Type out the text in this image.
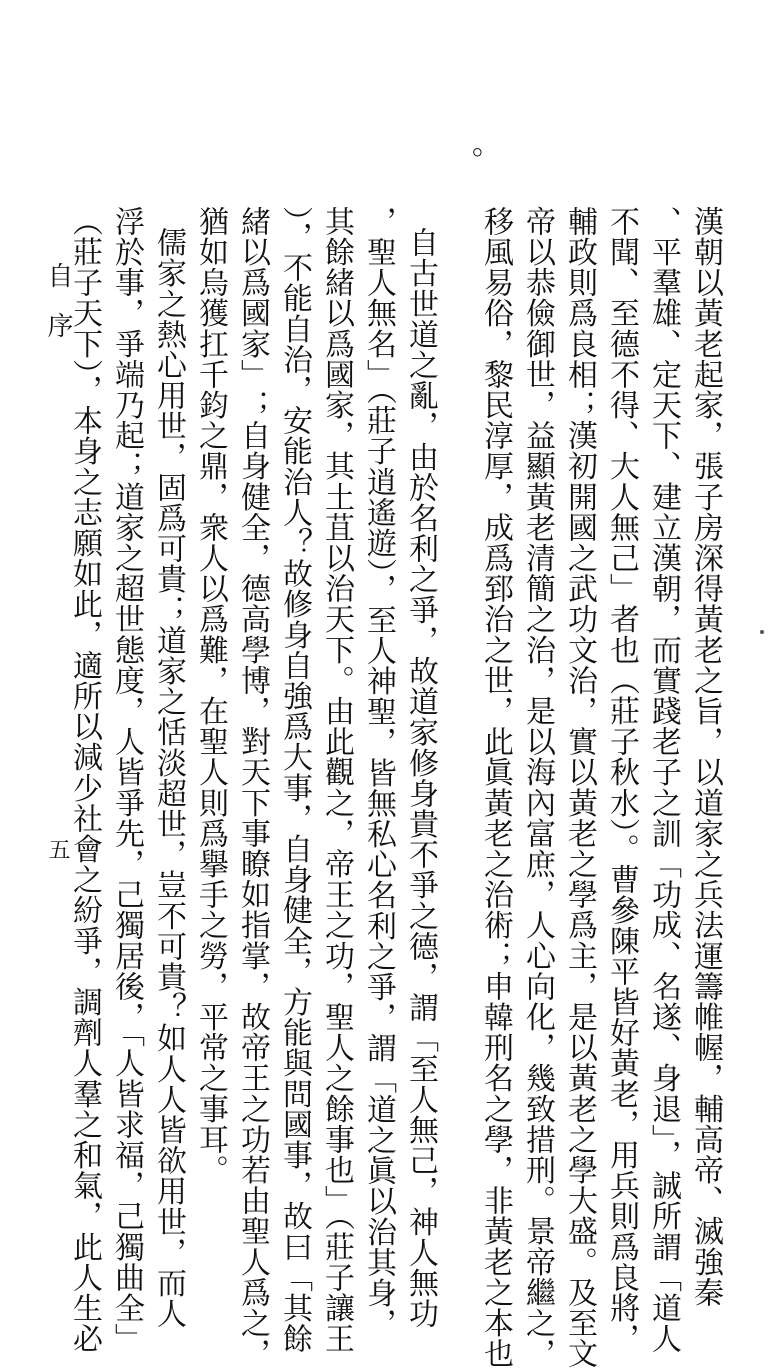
漢朝以黃老起家，張子房深得黃老之旨，以道家之兵法運籌帷幄，輔高帝、滅強秦
、平羣雄、定天下、建立漢朝，而實踐老子之訓「功成、名遂、身退」，誠所謂「道人
不聞、至德不得、大人無己」者也（莊子秋水）。曹參陳平皆好黃老，用兵則爲良將，
輔政則爲良相；漢初開國之武功文治，實以黃老之學爲主，是以黃老之學大盛。及至文
帝以恭儉御世，益顯黃老清簡之治，是以海內富庶，人心向化，幾致措刑。景帝繼之，
移風易俗，黎民淳厚，成爲郅治之世，此眞黃老之治術；申韓刑名之學，非黃老之本也
。
　　自古世道之亂，由於名利之爭，故道家修身貴不爭之德，謂「至人無己，神人無功
，聖人無名」（莊子逍遙遊），至人神聖，皆無私心名利之爭，謂「道之眞以治其身，
其餘緒以爲國家，其土苴以治天下。由此觀之，帝王之功，聖人之餘事也」（莊子讓王
），不能自治，安能治人？故修身自強爲大事，自身健全，方能與問國事，故曰「其餘
緒以爲國家」；自身健全，德高學博，對天下事瞭如指掌，故帝王之功若由聖人爲之，
猶如烏獲扛千鈞之鼎，衆人以爲難，在聖人則爲擧手之勞，平常之事耳。
　　儒家之熱心用世，固爲可貴；道家之恬淡超世，豈不可貴？如人人皆欲用世，而人
浮於事，爭端乃起；道家之超世態度，人皆爭先，己獨居後，「人皆求福，己獨曲全」
（莊子天下），本身之志願如此，適所以減少社會之紛爭，調劑人羣之和氣，此人生必
自序
五
